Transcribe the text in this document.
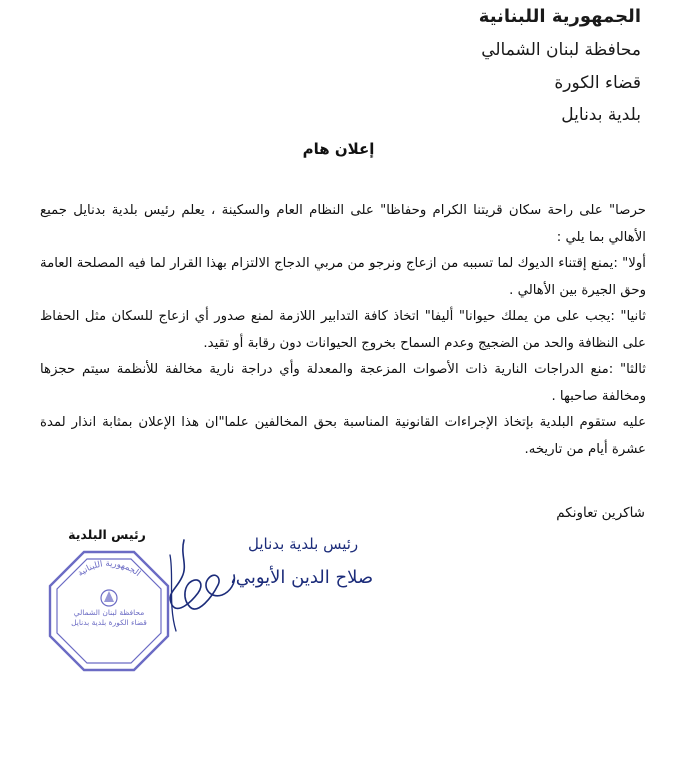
الجمهورية اللبنانية
محافظة لبنان الشمالي
قضاء الكورة
بلدية بدنايل
إعلان هام

حرصا" على راحة سكان قريتنا الكرام وحفاظا" على النظام العام والسكينة ، يعلم رئيس بلدية بدنايل جميع الأهالي بما يلي :

أولا" :يمنع إقتناء الديوك لما تسببه من ازعاج ونرجو من مربي الدجاج الالتزام بهذا القرار لما فيه المصلحة العامة وحق الجيرة بين الأهالي .

ثانيا" :يجب على من يملك حيوانا" أليفا" اتخاذ كافة التدابير اللازمة لمنع صدور أي ازعاج للسكان مثل الحفاظ على النظافة والحد من الضجيج وعدم السماح بخروج الحيوانات دون رقابة أو تقيد.

ثالثا" :منع الدراجات النارية ذات الأصوات المزعجة والمعدلة وأي دراجة نارية مخالفة للأنظمة سيتم حجزها ومخالفة صاحبها .

عليه ستقوم البلدية بإتخاذ الإجراءات القانونية المناسبة بحق المخالفين علما"ان هذا الإعلان بمثابة انذار لمدة عشرة أيام من تاريخه.

شاكرين تعاونكم
رئيس البلدية
الجمهورية اللبنانية
محافظة لبنان الشمالي قضاء الكورة بلدية بدنايل
رئيس بلدية بدنايل
صلاح الدين الأيوبي،
